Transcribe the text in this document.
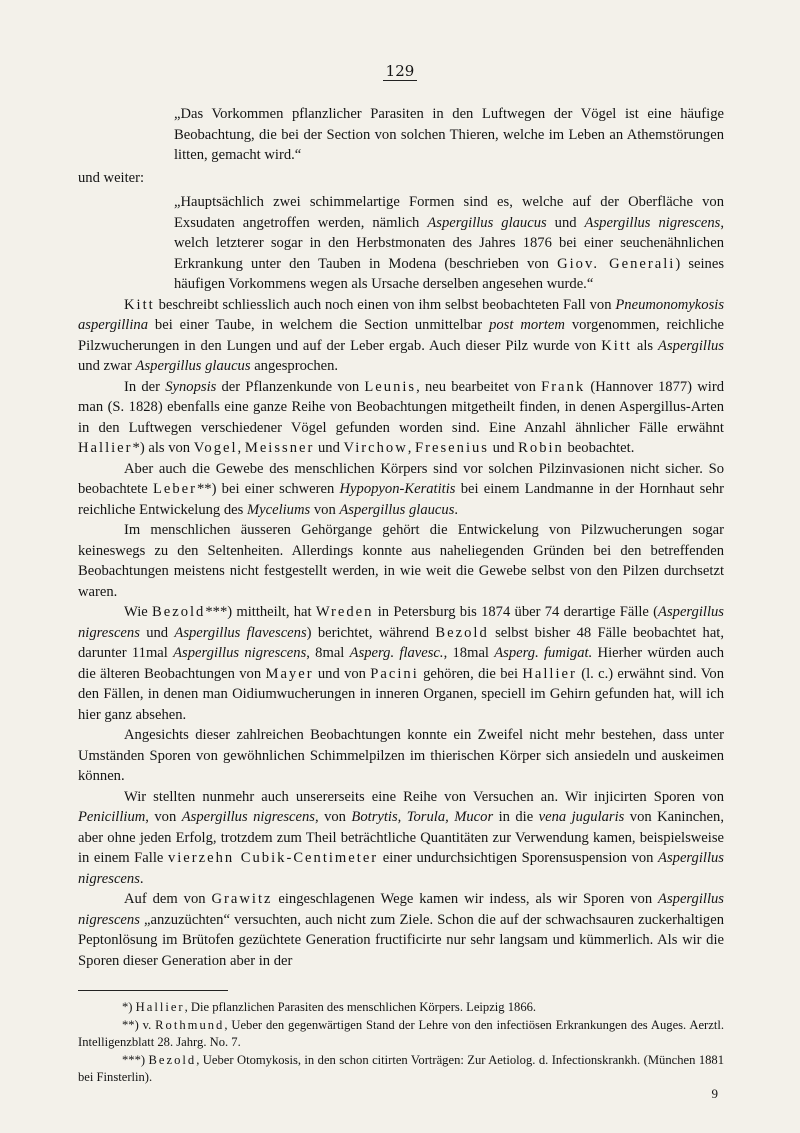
129

„Das Vorkommen pflanzlicher Parasiten in den Luftwegen der Vögel ist eine häufige Beobachtung, die bei der Section von solchen Thieren, welche im Leben an Athemstörungen litten, gemacht wird.“

und weiter:

„Hauptsächlich zwei schimmelartige Formen sind es, welche auf der Oberfläche von Exsudaten angetroffen werden, nämlich Aspergillus glaucus und Aspergillus nigrescens, welch letzterer sogar in den Herbstmonaten des Jahres 1876 bei einer seuchenähnlichen Erkrankung unter den Tauben in Modena (beschrieben von Giov. Generali) seines häufigen Vorkommens wegen als Ursache derselben angesehen wurde.“

Kitt beschreibt schliesslich auch noch einen von ihm selbst beobachteten Fall von Pneumonomykosis aspergillina bei einer Taube, in welchem die Section unmittelbar post mortem vorgenommen, reichliche Pilzwucherungen in den Lungen und auf der Leber ergab. Auch dieser Pilz wurde von Kitt als Aspergillus und zwar Aspergillus glaucus angesprochen.

In der Synopsis der Pflanzenkunde von Leunis, neu bearbeitet von Frank (Hannover 1877) wird man (S. 1828) ebenfalls eine ganze Reihe von Beobachtungen mitgetheilt finden, in denen Aspergillus-Arten in den Luftwegen verschiedener Vögel gefunden worden sind. Eine Anzahl ähnlicher Fälle erwähnt Hallier*) als von Vogel, Meissner und Virchow, Fresenius und Robin beobachtet.

Aber auch die Gewebe des menschlichen Körpers sind vor solchen Pilzinvasionen nicht sicher. So beobachtete Leber**) bei einer schweren Hypopyon-Keratitis bei einem Landmanne in der Hornhaut sehr reichliche Entwickelung des Myceliums von Aspergillus glaucus.

Im menschlichen äusseren Gehörgange gehört die Entwickelung von Pilzwucherungen sogar keineswegs zu den Seltenheiten. Allerdings konnte aus naheliegenden Gründen bei den betreffenden Beobachtungen meistens nicht festgestellt werden, in wie weit die Gewebe selbst von den Pilzen durchsetzt waren.

Wie Bezold***) mittheilt, hat Wreden in Petersburg bis 1874 über 74 derartige Fälle (Aspergillus nigrescens und Aspergillus flavescens) berichtet, während Bezold selbst bisher 48 Fälle beobachtet hat, darunter 11mal Aspergillus nigrescens, 8mal Asperg. flavesc., 18mal Asperg. fumigat. Hierher würden auch die älteren Beobachtungen von Mayer und von Pacini gehören, die bei Hallier (l. c.) erwähnt sind. Von den Fällen, in denen man Oidiumwucherungen in inneren Organen, speciell im Gehirn gefunden hat, will ich hier ganz absehen.

Angesichts dieser zahlreichen Beobachtungen konnte ein Zweifel nicht mehr bestehen, dass unter Umständen Sporen von gewöhnlichen Schimmelpilzen im thierischen Körper sich ansiedeln und auskeimen können.

Wir stellten nunmehr auch unsererseits eine Reihe von Versuchen an. Wir injicirten Sporen von Penicillium, von Aspergillus nigrescens, von Botrytis, Torula, Mucor in die vena jugularis von Kaninchen, aber ohne jeden Erfolg, trotzdem zum Theil beträchtliche Quantitäten zur Verwendung kamen, beispielsweise in einem Falle vierzehn Cubik-Centimeter einer undurchsichtigen Sporensuspension von Aspergillus nigrescens.

Auf dem von Grawitz eingeschlagenen Wege kamen wir indess, als wir Sporen von Aspergillus nigrescens „anzuzüchten“ versuchten, auch nicht zum Ziele. Schon die auf der schwachsauren zuckerhaltigen Peptonlösung im Brütofen gezüchtete Generation fructificirte nur sehr langsam und kümmerlich. Als wir die Sporen dieser Generation aber in der

*) Hallier, Die pflanzlichen Parasiten des menschlichen Körpers. Leipzig 1866.

**) v. Rothmund, Ueber den gegenwärtigen Stand der Lehre von den infectiösen Erkrankungen des Auges. Aerztl. Intelligenzblatt 28. Jahrg. No. 7.

***) Bezold, Ueber Otomykosis, in den schon citirten Vorträgen: Zur Aetiolog. d. Infectionskrankh. (München 1881 bei Finsterlin).

9
